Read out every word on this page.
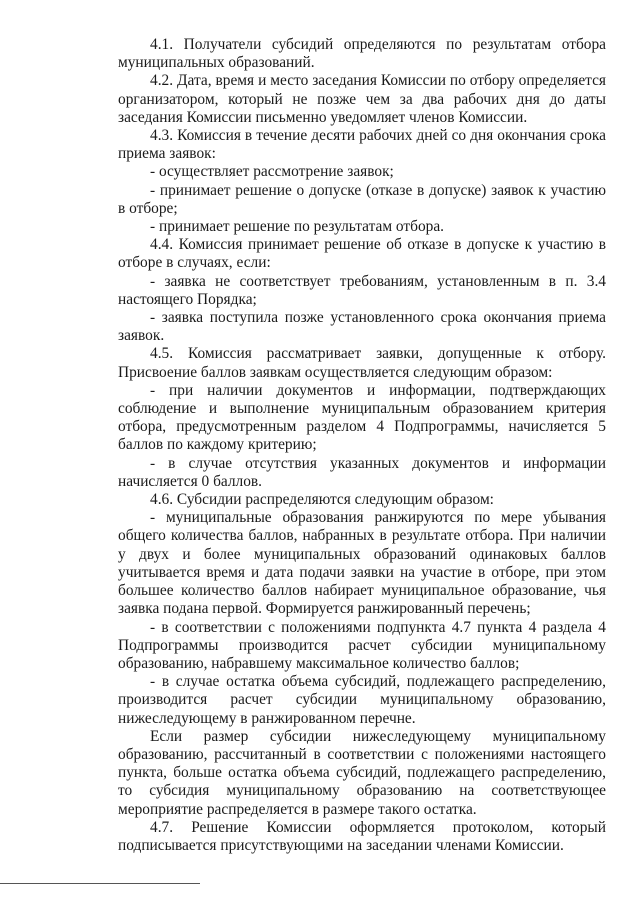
4.1. Получатели субсидий определяются по результатам отбора муниципальных образований.

4.2. Дата, время и место заседания Комиссии по отбору определяется организатором, который не позже чем за два рабочих дня до даты заседания Комиссии письменно уведомляет членов Комиссии.

4.3. Комиссия в течение десяти рабочих дней со дня окончания срока приема заявок:

- осуществляет рассмотрение заявок;

- принимает решение о допуске (отказе в допуске) заявок к участию в отборе;

- принимает решение по результатам отбора.

4.4. Комиссия принимает решение об отказе в допуске к участию в отборе в случаях, если:

- заявка не соответствует требованиям, установленным в п. 3.4 настоящего Порядка;

- заявка поступила позже установленного срока окончания приема заявок.

4.5. Комиссия рассматривает заявки, допущенные к отбору. Присвоение баллов заявкам осуществляется следующим образом:

- при наличии документов и информации, подтверждающих соблюдение и выполнение муниципальным образованием критерия отбора, предусмотренным разделом 4 Подпрограммы, начисляется 5 баллов по каждому критерию;

- в случае отсутствия указанных документов и информации начисляется 0 баллов.

4.6. Субсидии распределяются следующим образом:

- муниципальные образования ранжируются по мере убывания общего количества баллов, набранных в результате отбора. При наличии у двух и более муниципальных образований одинаковых баллов учитывается время и дата подачи заявки на участие в отборе, при этом большее количество баллов набирает муниципальное образование, чья заявка подана первой. Формируется ранжированный перечень;

- в соответствии с положениями подпункта 4.7 пункта 4 раздела 4 Подпрограммы производится расчет субсидии муниципальному образованию, набравшему максимальное количество баллов;

- в случае остатка объема субсидий, подлежащего распределению, производится расчет субсидии муниципальному образованию, нижеследующему в ранжированном перечне.

Если размер субсидии нижеследующему муниципальному образованию, рассчитанный в соответствии с положениями настоящего пункта, больше остатка объема субсидий, подлежащего распределению, то субсидия муниципальному образованию на соответствующее мероприятие распределяется в размере такого остатка.

4.7. Решение Комиссии оформляется протоколом, который подписывается присутствующими на заседании членами Комиссии.
